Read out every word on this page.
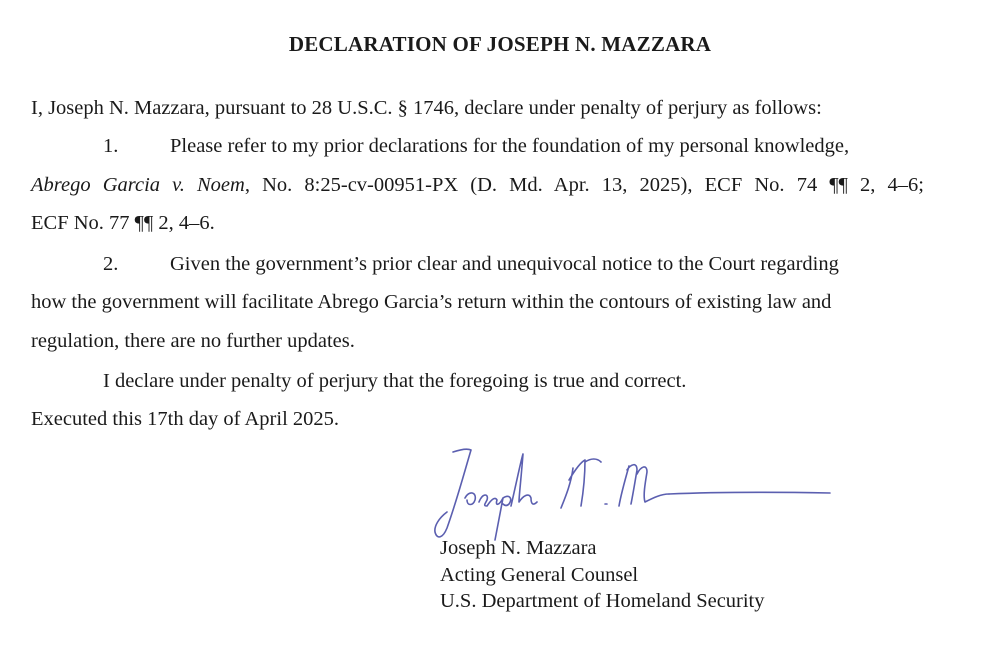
DECLARATION OF JOSEPH N. MAZZARA
I, Joseph N. Mazzara, pursuant to 28 U.S.C. § 1746, declare under penalty of perjury as follows:
1.	Please refer to my prior declarations for the foundation of my personal knowledge,
Abrego Garcia v. Noem, No. 8:25-cv-00951-PX (D. Md. Apr. 13, 2025), ECF No. 74 ¶¶ 2, 4–6;
ECF No. 77 ¶¶ 2, 4–6.
2.	Given the government’s prior clear and unequivocal notice to the Court regarding
how the government will facilitate Abrego Garcia’s return within the contours of existing law and
regulation, there are no further updates.
I declare under penalty of perjury that the foregoing is true and correct.
Executed this 17th day of April 2025.
Joseph N. Mazzara
Acting General Counsel
U.S. Department of Homeland Security
